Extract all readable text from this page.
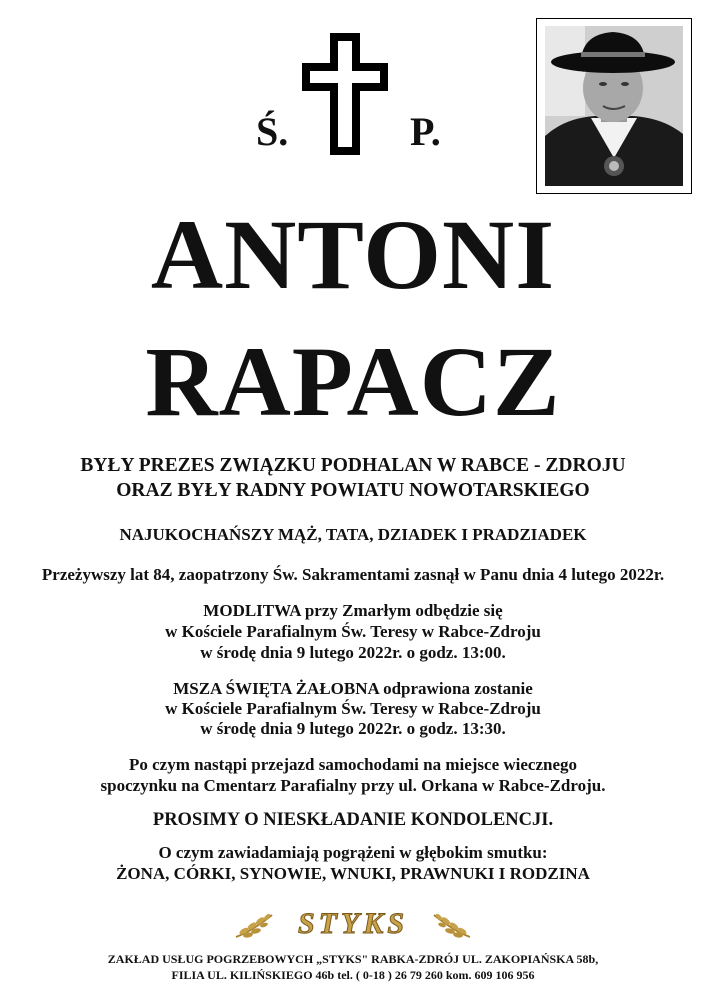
Ś.	P.
ANTONI
RAPACZ
BYŁY PREZES ZWIĄZKU PODHALAN W RABCE - ZDROJU
ORAZ BYŁY RADNY POWIATU NOWOTARSKIEGO
NAJUKOCHAŃSZY MĄŻ, TATA, DZIADEK I PRADZIADEK
Przeżywszy lat 84, zaopatrzony Św. Sakramentami zasnął w Panu dnia 4 lutego 2022r.
MODLITWA przy Zmarłym odbędzie się
w Kościele Parafialnym Św. Teresy w Rabce-Zdroju
w środę dnia 9 lutego 2022r. o godz. 13:00.
MSZA ŚWIĘTA ŻAŁOBNA odprawiona zostanie
w Kościele Parafialnym Św. Teresy w Rabce-Zdroju
w środę dnia 9 lutego 2022r. o godz. 13:30.
Po czym nastąpi przejazd samochodami na miejsce wiecznego
spoczynku na Cmentarz Parafialny przy ul. Orkana w Rabce-Zdroju.
PROSIMY O NIESKŁADANIE KONDOLENCJI.
O czym zawiadamiają pogrążeni w głębokim smutku:
ŻONA, CÓRKI, SYNOWIE, WNUKI, PRAWNUKI I RODZINA
STYKS
ZAKŁAD USŁUG POGRZEBOWYCH „STYKS" RABKA-ZDRÓJ UL. ZAKOPIAŃSKA 58b,
FILIA UL. KILIŃSKIEGO 46b tel. ( 0-18 ) 26 79 260 kom. 609 106 956
